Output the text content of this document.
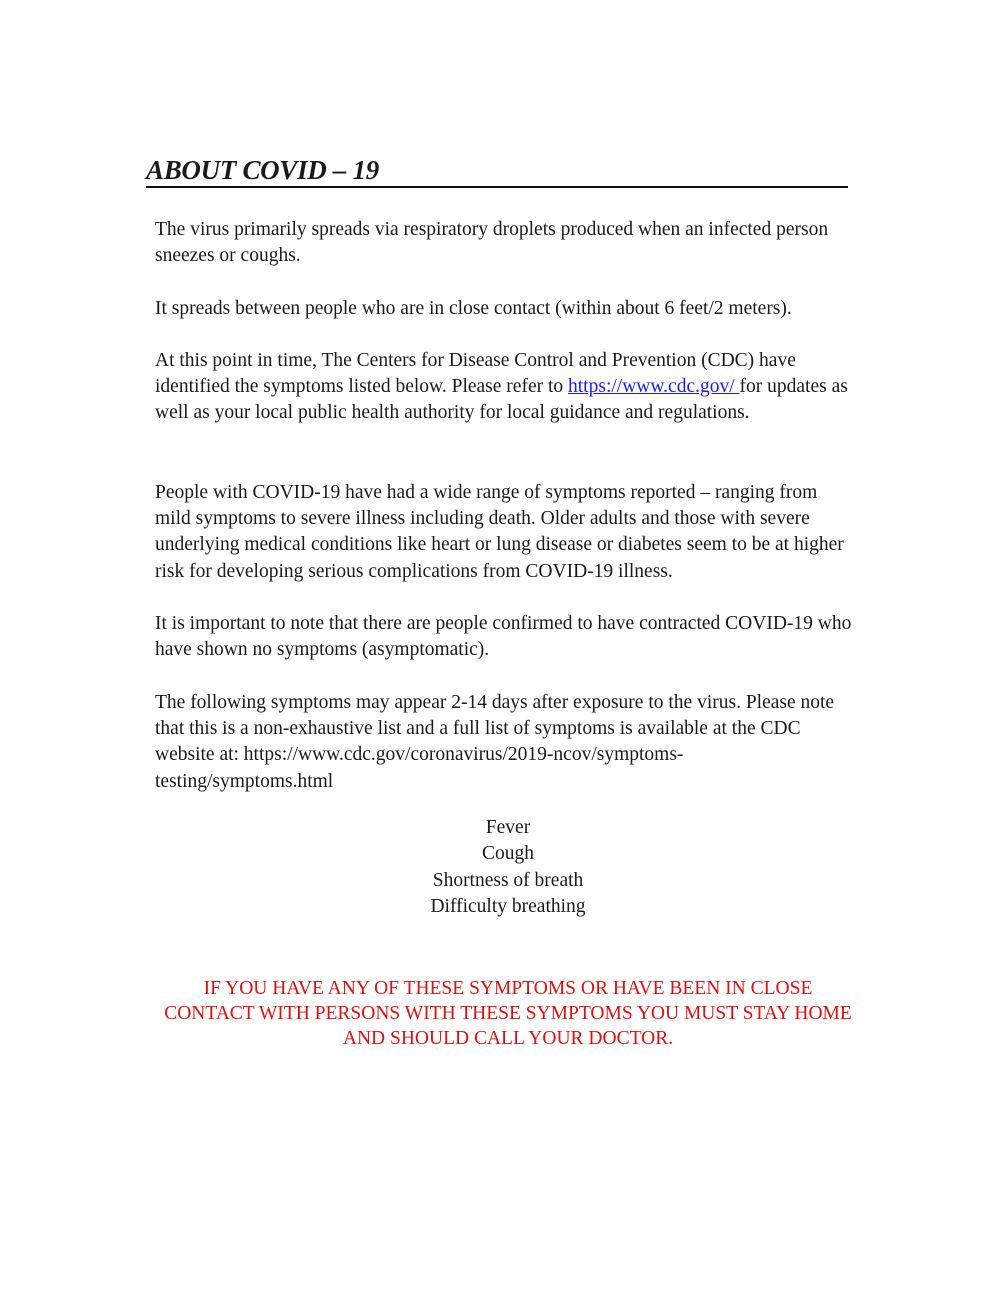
ABOUT COVID – 19

The virus primarily spreads via respiratory droplets produced when an infected person sneezes or coughs.

It spreads between people who are in close contact (within about 6 feet/2 meters).

At this point in time, The Centers for Disease Control and Prevention (CDC) have identified the symptoms listed below. Please refer to https://www.cdc.gov/ for updates as well as your local public health authority for local guidance and regulations.

People with COVID-19 have had a wide range of symptoms reported – ranging from mild symptoms to severe illness including death. Older adults and those with severe underlying medical conditions like heart or lung disease or diabetes seem to be at higher risk for developing serious complications from COVID-19 illness.

It is important to note that there are people confirmed to have contracted COVID-19 who have shown no symptoms (asymptomatic).

The following symptoms may appear 2-14 days after exposure to the virus. Please note that this is a non-exhaustive list and a full list of symptoms is available at the CDC website at: https://www.cdc.gov/coronavirus/2019-ncov/symptoms-testing/symptoms.html

Fever
Cough
Shortness of breath
Difficulty breathing

IF YOU HAVE ANY OF THESE SYMPTOMS OR HAVE BEEN IN CLOSE CONTACT WITH PERSONS WITH THESE SYMPTOMS YOU MUST STAY HOME AND SHOULD CALL YOUR DOCTOR.
